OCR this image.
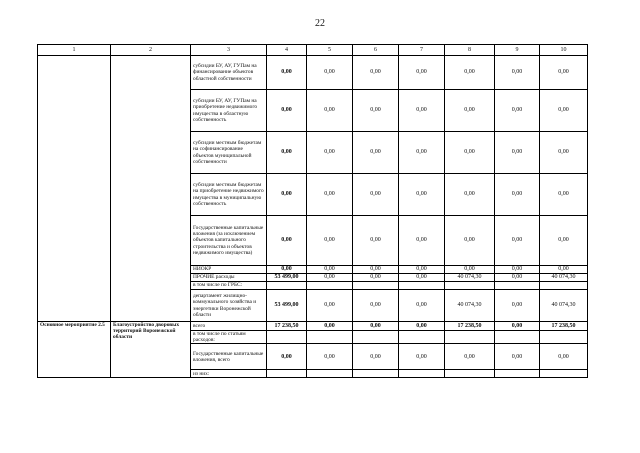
22
1	2	3	4	5	6	7	8	9	10
		субсидии БУ, АУ, ГУПам на финансирование объектов областной собственности	0,00	0,00	0,00	0,00	0,00	0,00	0,00
		субсидии БУ, АУ, ГУПам на приобретение недвижимого имущества в областную собственность	0,00	0,00	0,00	0,00	0,00	0,00	0,00
		субсидии местным бюджетам на софинансирование объектов муниципальной собственности	0,00	0,00	0,00	0,00	0,00	0,00	0,00
		субсидии местным бюджетам на приобретение недвижимого имущества в муниципальную собственность	0,00	0,00	0,00	0,00	0,00	0,00	0,00
		Государственные капитальные вложения (за исключением объектов капитального строительства и объектов недвижимого имущества)	0,00	0,00	0,00	0,00	0,00	0,00	0,00
		НИОКР	0,00	0,00	0,00	0,00	0,00	0,00	0,00
		ПРОЧИЕ расходы	53 499,00	0,00	0,00	0,00	40 074,30	0,00	40 074,30
		в том числе по ГРБС:							
		департамент жилищно-коммунального хозяйства и энергетики Воронежской области	53 499,00	0,00	0,00	0,00	40 074,30	0,00	40 074,30
Основное мероприятие 2.5	Благоустройство дворовых территорий Воронежской области	всего	17 238,50	0,00	0,00	0,00	17 238,50	0,00	17 238,50
		в том числе по статьям расходов:							
		Государственные капитальные вложения, всего	0,00	0,00	0,00	0,00	0,00	0,00	0,00
		из них:							
